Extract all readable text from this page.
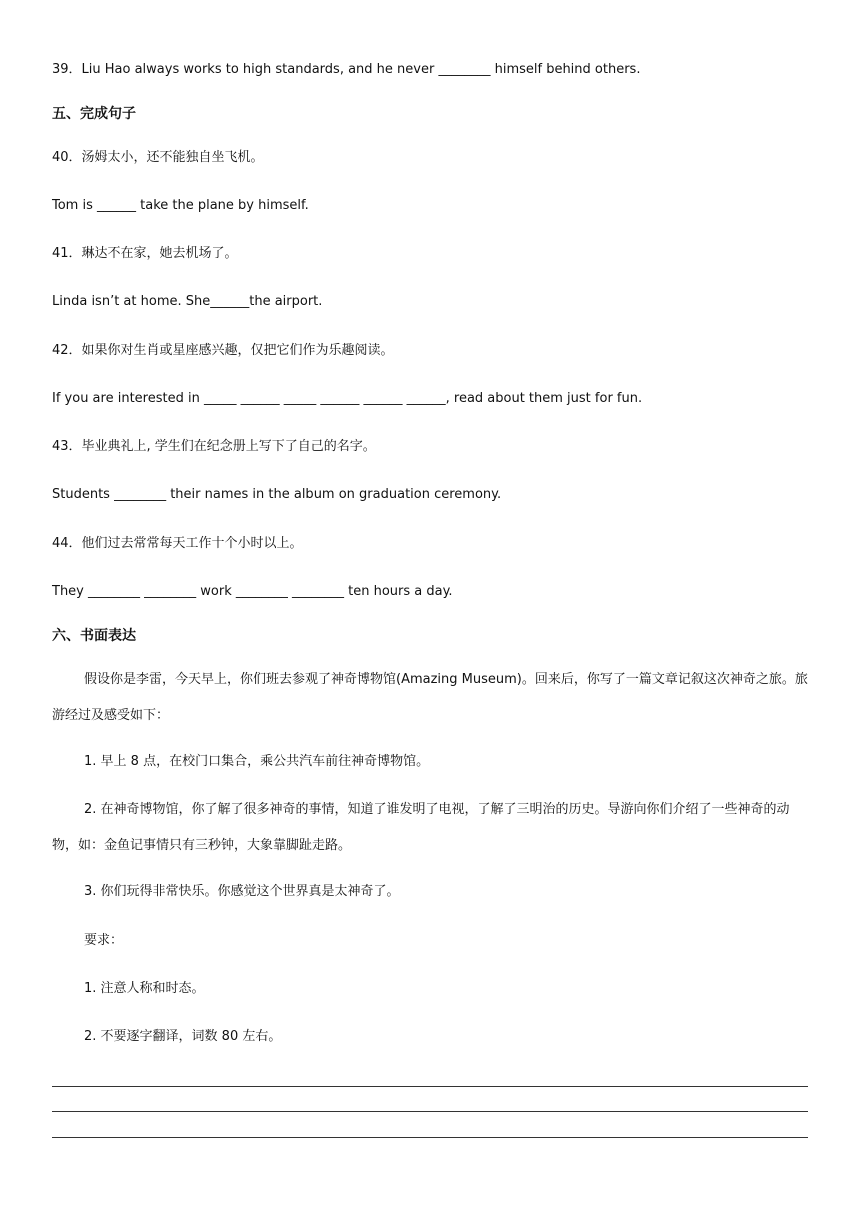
39．Liu Hao always works to high standards, and he never ________ himself behind others.
五、完成句子
40．汤姆太小，还不能独自坐飞机。
Tom is ______ take the plane by himself.
41．琳达不在家，她去机场了。
Linda isn’t at home. She______the airport.
42．如果你对生肖或星座感兴趣，仅把它们作为乐趣阅读。
If you are interested in _____ ______ _____ ______ ______ ______, read about them just for fun.
43．毕业典礼上, 学生们在纪念册上写下了自己的名字。
Students ________ their names in the album on graduation ceremony.
44．他们过去常常每天工作十个小时以上。
They ________ ________ work ________ ________ ten hours a day.
六、书面表达
假设你是李雷，今天早上，你们班去参观了神奇博物馆(Amazing Museum)。回来后，你写了一篇文章记叙这次神奇之旅。旅游经过及感受如下：
1. 早上 8 点，在校门口集合，乘公共汽车前往神奇博物馆。
2. 在神奇博物馆，你了解了很多神奇的事情，知道了谁发明了电视，了解了三明治的历史。导游向你们介绍了一些神奇的动物，如：金鱼记事情只有三秒钟，大象靠脚趾走路。
3. 你们玩得非常快乐。你感觉这个世界真是太神奇了。
要求：
1. 注意人称和时态。
2. 不要逐字翻译，词数 80 左右。
